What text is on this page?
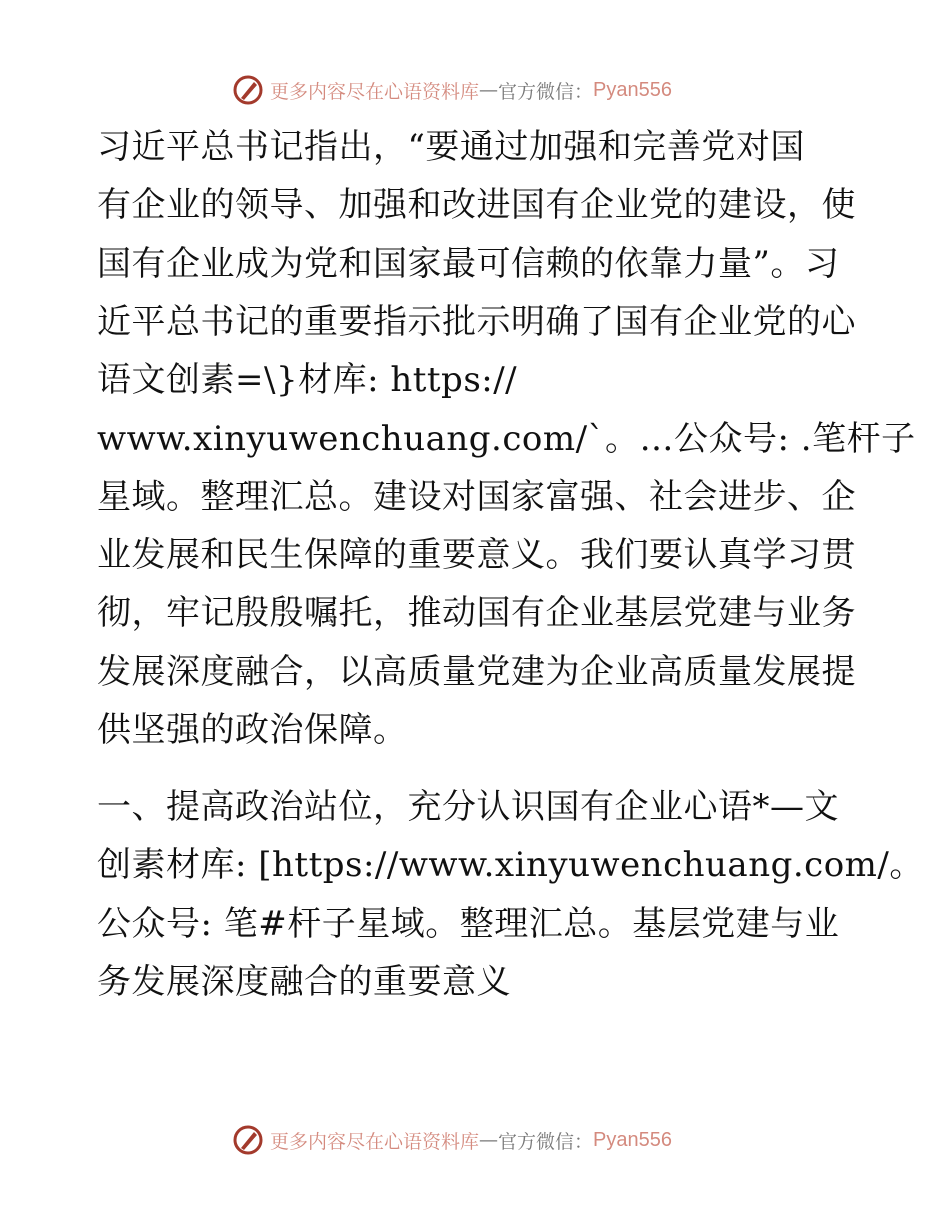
更多内容尽在心语资料库 — 官方微信： Pyan556
习近平总书记指出，“要通过加强和完善党对国
有企业的领导、加强和改进国有企业党的建设，使
国有企业成为党和国家最可信赖的依靠力量”。习
近平总书记的重要指示批示明确了国有企业党的心
语文创素=\}材库: https://
www.xinyuwenchuang.com/`。…公众号: .笔杆子
星域。整理汇总。建设对国家富强、社会进步、企
业发展和民生保障的重要意义。我们要认真学习贯
彻，牢记殷殷嘱托，推动国有企业基层党建与业务
发展深度融合，以高质量党建为企业高质量发展提
供坚强的政治保障。
一、提高政治站位，充分认识国有企业心语*—文
创素材库: [https://www.xinyuwenchuang.com/。
公众号: 笔#杆子星域。整理汇总。基层党建与业
务发展深度融合的重要意义
更多内容尽在心语资料库 — 官方微信： Pyan556
